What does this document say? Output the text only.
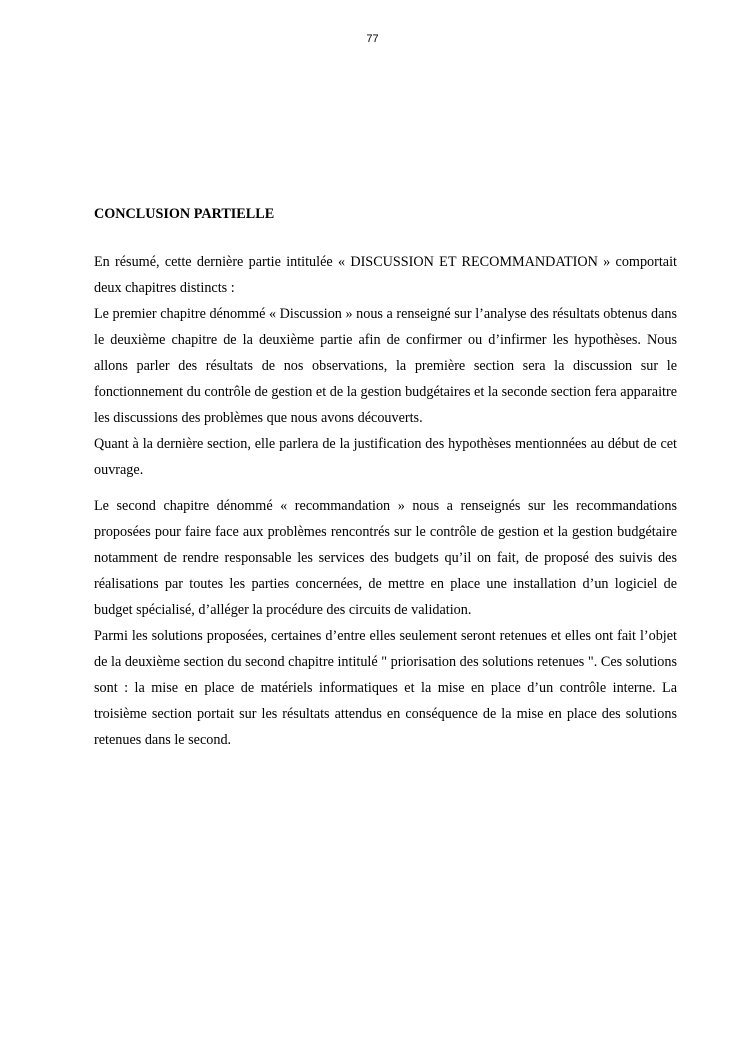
77
CONCLUSION PARTIELLE

En résumé, cette dernière partie intitulée « DISCUSSION ET RECOMMANDATION » comportait deux chapitres distincts :

Le premier chapitre dénommé « Discussion » nous a renseigné sur l’analyse des résultats obtenus dans le deuxième chapitre de la deuxième partie afin de confirmer ou d’infirmer les hypothèses. Nous allons parler des résultats de nos observations, la première section sera la discussion sur le fonctionnement du contrôle de gestion et de la gestion budgétaires et la seconde section fera apparaitre les discussions des problèmes que nous avons découverts.

Quant à la dernière section, elle parlera de la justification des hypothèses mentionnées au début de cet ouvrage.

Le second chapitre dénommé « recommandation » nous a renseignés sur les recommandations proposées pour faire face aux problèmes rencontrés sur le contrôle de gestion et la gestion budgétaire notamment de rendre responsable les services des budgets qu’il on fait, de proposé des suivis des réalisations par toutes les parties concernées, de mettre en place une installation d’un logiciel de budget spécialisé, d’alléger la procédure des circuits de validation.

Parmi les solutions proposées, certaines d’entre elles seulement seront retenues et elles ont fait l’objet de la deuxième section du second chapitre intitulé " priorisation des solutions retenues ". Ces solutions sont : la mise en place de matériels informatiques et la mise en place d’un contrôle interne. La troisième section portait sur les résultats attendus en conséquence de la mise en place des solutions retenues dans le second.
